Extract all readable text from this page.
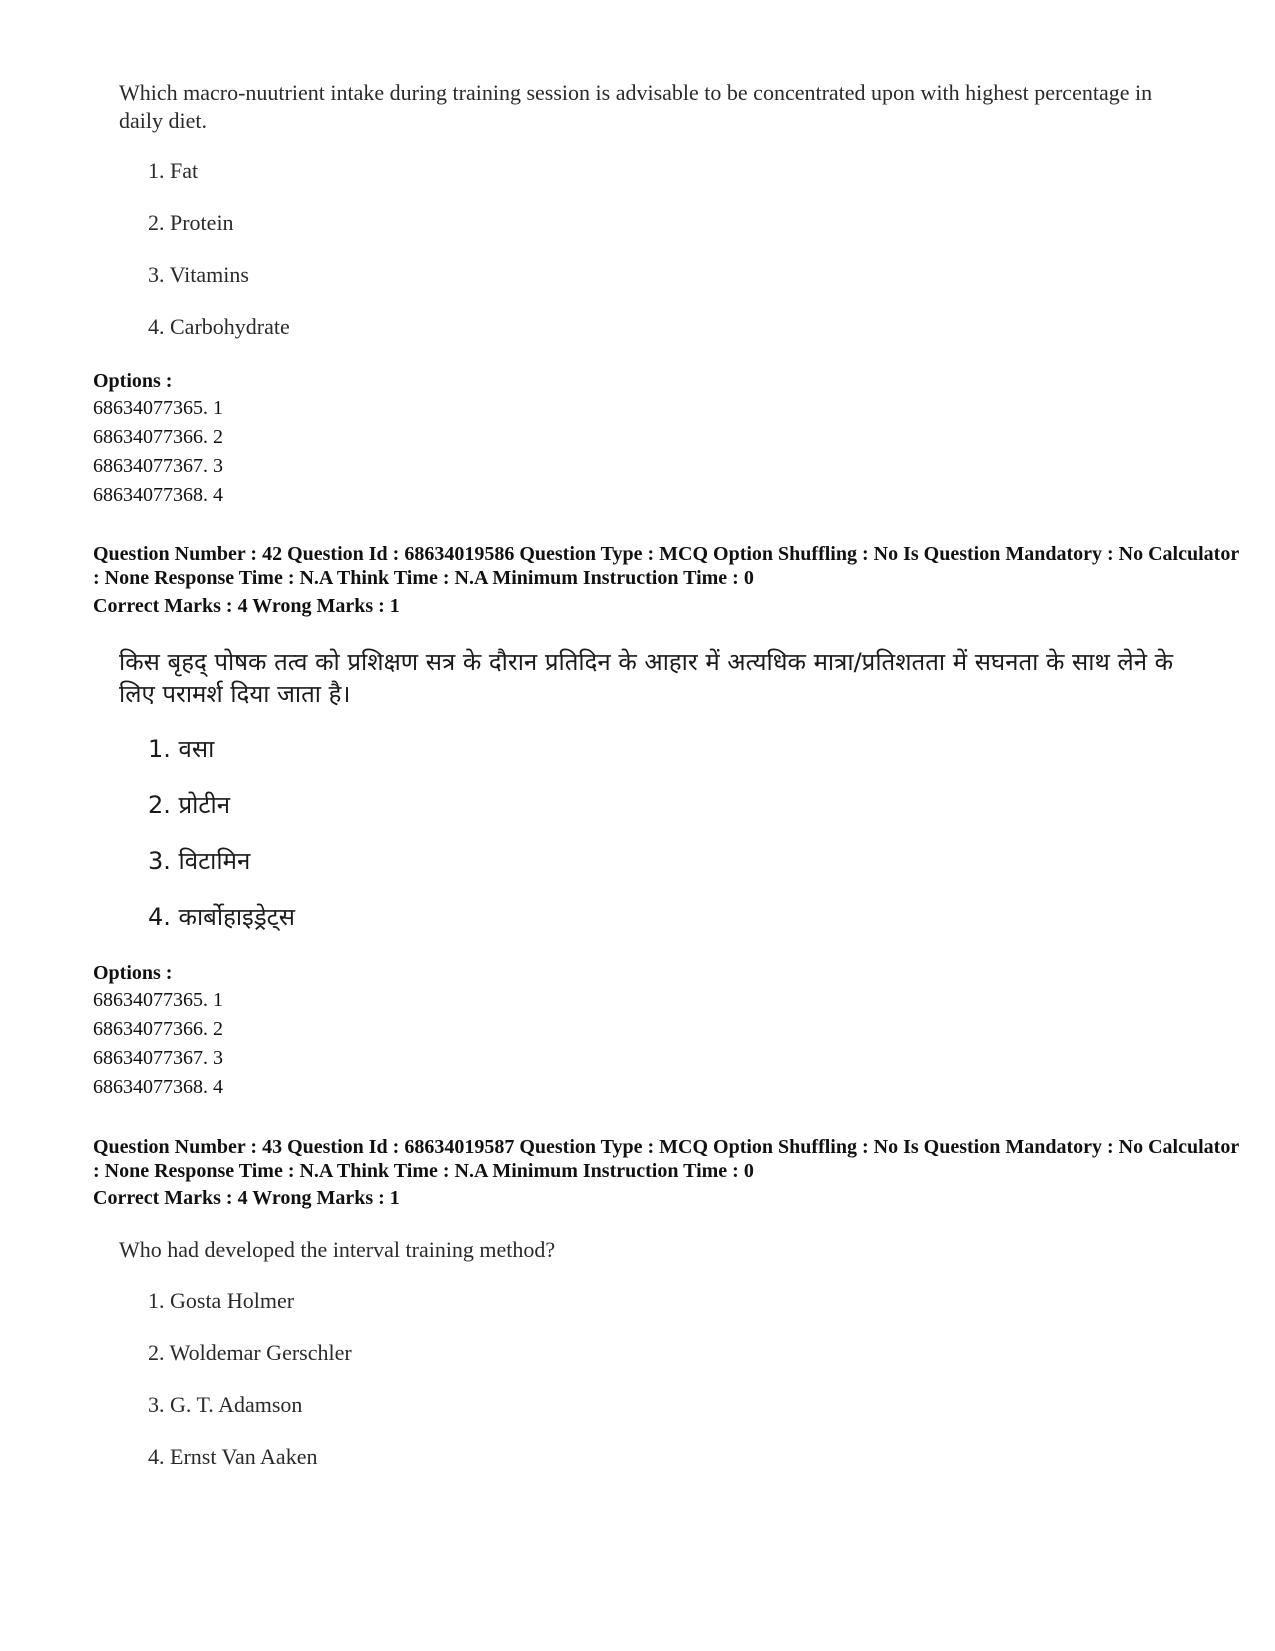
Which macro-nuutrient intake during training session is advisable to be concentrated upon with highest percentage in daily diet.
1. Fat
2. Protein
3. Vitamins
4. Carbohydrate
Options :
68634077365. 1
68634077366. 2
68634077367. 3
68634077368. 4
Question Number : 42 Question Id : 68634019586 Question Type : MCQ Option Shuffling : No Is Question Mandatory : No Calculator : None Response Time : N.A Think Time : N.A Minimum Instruction Time : 0
Correct Marks : 4 Wrong Marks : 1
किस बृहद् पोषक तत्व को प्रशिक्षण सत्र के दौरान प्रतिदिन के आहार में अत्यधिक मात्रा/प्रतिशतता में सघनता के साथ लेने के लिए परामर्श दिया जाता है।
1. वसा
2. प्रोटीन
3. विटामिन
4. कार्बोहाइड्रेट्स
Options :
68634077365. 1
68634077366. 2
68634077367. 3
68634077368. 4
Question Number : 43 Question Id : 68634019587 Question Type : MCQ Option Shuffling : No Is Question Mandatory : No Calculator : None Response Time : N.A Think Time : N.A Minimum Instruction Time : 0
Correct Marks : 4 Wrong Marks : 1
Who had developed the interval training method?
1. Gosta Holmer
2. Woldemar Gerschler
3. G. T. Adamson
4. Ernst Van Aaken
